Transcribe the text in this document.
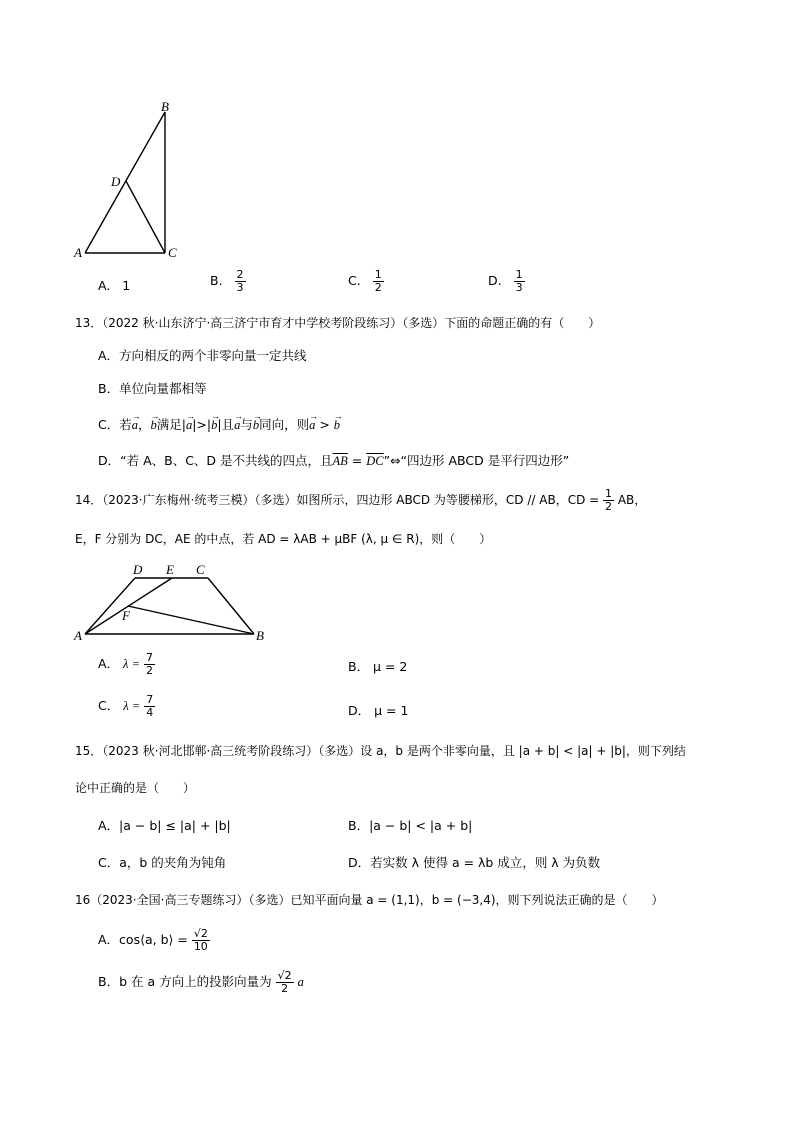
B
D
A	C
A. 1	B. $\frac{2}{3}$	C. $\frac{1}{2}$	D. $\frac{1}{3}$
13．（2022 秋·山东济宁·高三济宁市育才中学校考阶段练习）（多选）下面的命题正确的有（　　）
A．方向相反的两个非零向量一定共线
B．单位向量都相等
C．若→ a，→ b满足|→ a|>|→ b|且→ a与→ b同向，则→ a > → b
D．“若 A、B、C、D 是不共线的四点，且$\overline{AB}$ = $\overline{DC}”\Leftrightarrow“$四边形 ABCD 是平行四边形”
14．（2023·广东梅州·统考三模）（多选）如图所示，四边形 ABCD 为等腰梯形，CD // AB，CD = $\frac{1}{2}$ AB，
E，F 分别为 DC，AE 的中点，若 AD = λAB + μBF (λ, μ ∈ R)，则（　　）
D E C
F
A	B
A． $\lambda = \frac{7}{2}$	B． μ = 2
C． $\lambda = \frac{7}{4}$	D． μ = 1
15．（2023 秋·河北邯郸·高三统考阶段练习）（多选）设 a，b 是两个非零向量，且 |a + b| < |a| + |b|，则下列结
论中正确的是（　　）
A．|a − b| ≤ |a| + |b|	B．|a − b| < |a + b|
C．a，b 的夹角为钝角	D．若实数 λ 使得 a = λb 成立，则 λ 为负数
16（2023·全国·高三专题练习）（多选）已知平面向量 a = (1,1)，b = (−3,4)，则下列说法正确的是（　　）
A．cos⟨a, b⟩ = $\frac{√2}{10}$
B．b 在 a 方向上的投影向量为 $\frac{√2}{2}$ a
